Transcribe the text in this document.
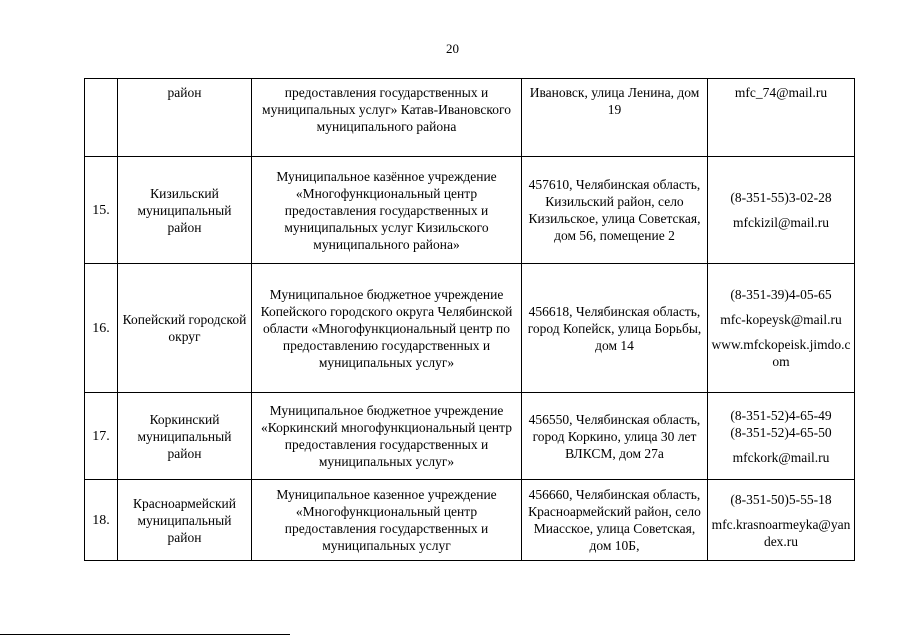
20
	район	предоставления государственных и муниципальных услуг» Катав-Ивановского муниципального района	Ивановск, улица Ленина, дом 19	mfc_74@mail.ru

15.	Кизильский муниципальный район	Муниципальное казённое учреждение «Многофункциональный центр предоставления государственных и муниципальных услуг Кизильского муниципального района»	457610, Челябинская область, Кизильский район, село Кизильское, улица Советская, дом 56, помещение 2	(8-351-55)3-02-28
mfckizil@mail.ru

16.	Копейский городской округ	Муниципальное бюджетное учреждение Копейского городского округа Челябинской области «Многофункциональный центр по предоставлению государственных и муниципальных услуг»	456618, Челябинская область, город Копейск, улица Борьбы, дом 14	(8-351-39)4-05-65
mfc-kopeysk@mail.ru
www.mfckopeisk.jimdo.com

17.	Коркинский муниципальный район	Муниципальное бюджетное учреждение «Коркинский многофункциональный центр предоставления государственных и муниципальных услуг»	456550, Челябинская область, город Коркино, улица 30 лет ВЛКСМ, дом 27а	(8-351-52)4-65-49
(8-351-52)4-65-50
mfckork@mail.ru

18.	Красноармейский муниципальный район	Муниципальное казенное учреждение «Многофункциональный центр предоставления государственных и муниципальных услуг	456660, Челябинская область, Красноармейский район, село Миасское, улица Советская, дом 10Б,	(8-351-50)5-55-18
mfc.krasnoarmeyka@yandex.ru
